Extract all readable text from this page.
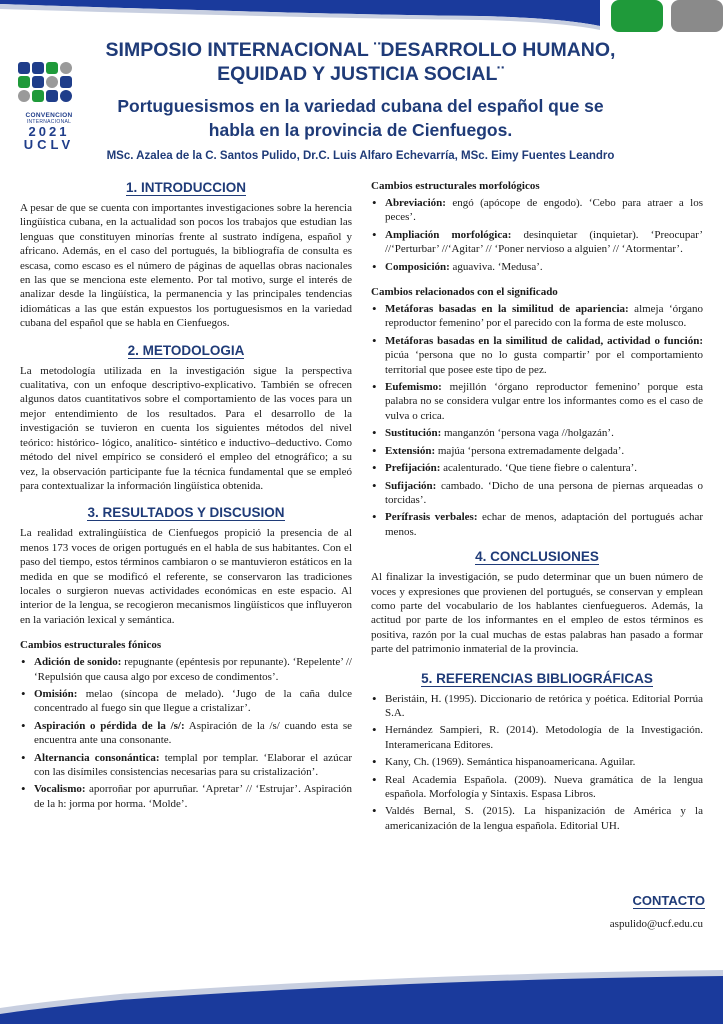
CONVENCION
INTERNACIONAL
2021
UCLV
SIMPOSIO INTERNACIONAL ¨DESARROLLO HUMANO,
EQUIDAD Y JUSTICIA SOCIAL¨
Portuguesismos en la variedad cubana del español que se
habla en la provincia de Cienfuegos.
MSc. Azalea de la C. Santos Pulido, Dr.C. Luis Alfaro Echevarría, MSc. Eimy Fuentes Leandro
1. INTRODUCCION

A pesar de que se cuenta con importantes investigaciones sobre la herencia lingüística cubana, en la actualidad son pocos los trabajos que estudian las lenguas que constituyen minorías frente al sustrato indígena, español y africano. Además, en el caso del portugués, la bibliografía de consulta es escasa, como escaso es el número de páginas de aquellas obras nacionales en las que se menciona este elemento. Por tal motivo, surge el interés de analizar desde la lingüística, la permanencia y las principales tendencias idiomáticas a las que están expuestos los portuguesismos en la variedad cubana del español que se habla en Cienfuegos.

2. METODOLOGIA

La metodología utilizada en la investigación sigue la perspectiva cualitativa, con un enfoque descriptivo-explicativo. También se ofrecen algunos datos cuantitativos sobre el comportamiento de las voces para un mejor entendimiento de los resultados. Para el desarrollo de la investigación se tuvieron en cuenta los siguientes métodos del nivel teórico: histórico- lógico, analítico- sintético e inductivo–deductivo. Como método del nivel empírico se consideró el empleo del etnográfico; a su vez, la observación participante fue la técnica fundamental que se empleó para contextualizar la información lingüística obtenida.

3. RESULTADOS Y DISCUSION

La realidad extralingüística de Cienfuegos propició la presencia de al menos 173 voces de origen portugués en el habla de sus habitantes. Con el paso del tiempo, estos términos cambiaron o se mantuvieron estáticos en la medida en que se modificó el referente, se conservaron las tradiciones locales o surgieron nuevas actividades económicas en este espacio. Al interior de la lengua, se recogieron mecanismos lingüísticos que influyeron en la variación lexical y semántica.

Cambios estructurales fónicos
• Adición de sonido: repugnante (epéntesis por repunante). ‘Repelente’ // ‘Repulsión que causa algo por exceso de condimentos’.
• Omisión: melao (síncopa de melado). ‘Jugo de la caña dulce concentrado al fuego sin que llegue a cristalizar’.
• Aspiración o pérdida de la /s/: Aspiración de la /s/ cuando esta se encuentra ante una consonante.
• Alternancia consonántica: templal por templar. ‘Elaborar el azúcar con las disímiles consistencias necesarias para su cristalización’.
• Vocalismo: aporroñar por apurruñar. ‘Apretar’ // ‘Estrujar’. Aspiración de la h: jorma por horma. ‘Molde’.
Cambios estructurales morfológicos
• Abreviación: engó (apócope de engodo). ‘Cebo para atraer a los peces’.
• Ampliación morfológica: desinquietar (inquietar). ‘Preocupar’ //‘Perturbar’ //‘Agitar’ // ‘Poner nervioso a alguien’ // ‘Atormentar’.
• Composición: aguaviva. ‘Medusa’.
Cambios relacionados con el significado
• Metáforas basadas en la similitud de apariencia: almeja ‘órgano reproductor femenino’ por el parecido con la forma de este molusco.
• Metáforas basadas en la similitud de calidad, actividad o función: picúa ‘persona que no lo gusta compartir’ por el comportamiento territorial que posee este tipo de pez.
• Eufemismo: mejillón ‘órgano reproductor femenino’ porque esta palabra no se considera vulgar entre los informantes como es el caso de vulva o crica.
• Sustitución: manganzón ‘persona vaga //holgazán’.
• Extensión: majúa ‘persona extremadamente delgada’.
• Prefijación: acalenturado. ‘Que tiene fiebre o calentura’.
• Sufijación: cambado. ‘Dicho de una persona de piernas arqueadas o torcidas’.
• Perífrasis verbales: echar de menos, adaptación del portugués achar menos.
4. CONCLUSIONES

Al finalizar la investigación, se pudo determinar que un buen número de voces y expresiones que provienen del portugués, se conservan y emplean como parte del vocabulario de los hablantes cienfuegueros. Además, la actitud por parte de los informantes en el empleo de estos términos es positiva, razón por la cual muchas de estas palabras han pasado a formar parte del patrimonio inmaterial de la provincia.

5. REFERENCIAS BIBLIOGRÁFICAS
• Beristáin, H. (1995). Diccionario de retórica y poética. Editorial Porrúa S.A.
• Hernández Sampieri, R. (2014). Metodología de la Investigación. Interamericana Editores.
• Kany, Ch. (1969). Semántica hispanoamericana. Aguilar.
• Real Academia Española. (2009). Nueva gramática de la lengua española. Morfología y Sintaxis. Espasa Libros.
• Valdés Bernal, S. (2015). La hispanización de América y la americanización de la lengua española. Editorial UH.
CONTACTO
aspulido@ucf.edu.cu
